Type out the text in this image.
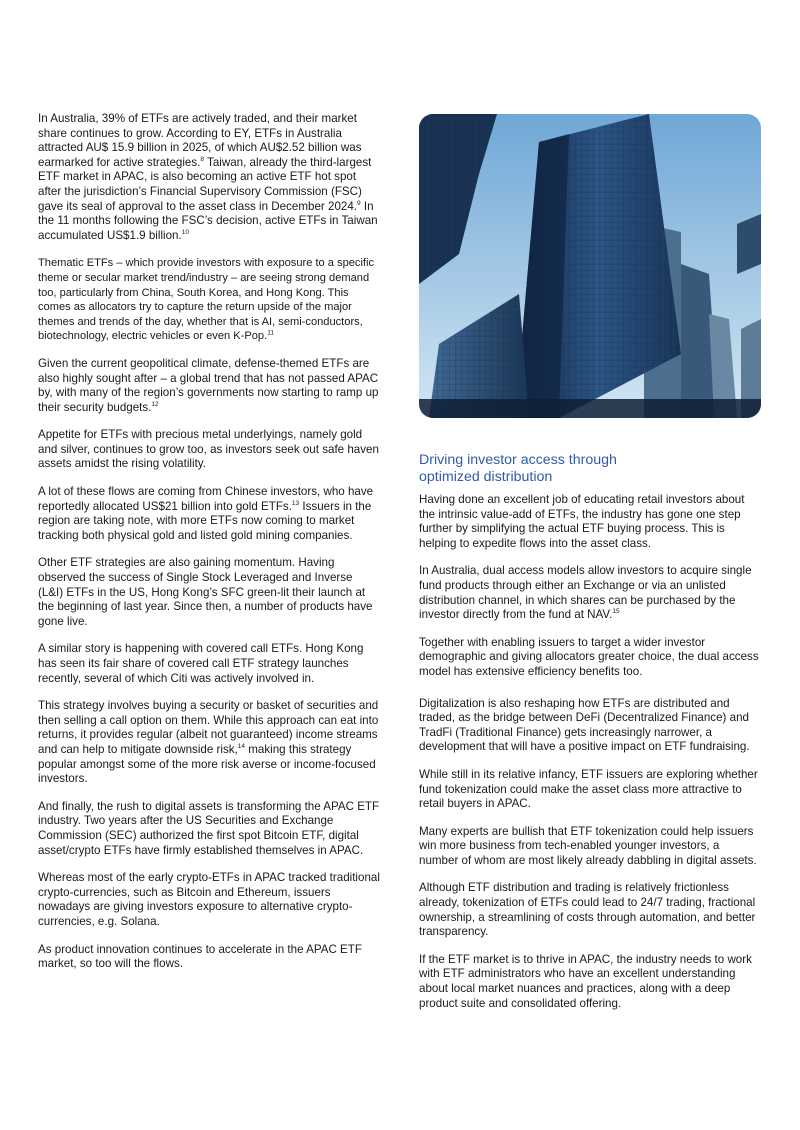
In Australia, 39% of ETFs are actively traded, and their market share continues to grow. According to EY, ETFs in Australia attracted AU$ 15.9 billion in 2025, of which AU$2.52 billion was earmarked for active strategies.$^8$ Taiwan, already the third-largest ETF market in APAC, is also becoming an active ETF hot spot after the jurisdiction’s Financial Supervisory Commission (FSC) gave its seal of approval to the asset class in December 2024.$^9$ In the 11 months following the FSC’s decision, active ETFs in Taiwan accumulated US$1.9 billion.$^{10}$

Thematic ETFs – which provide investors with exposure to a specific theme or secular market trend/industry – are seeing strong demand too, particularly from China, South Korea, and Hong Kong. This comes as allocators try to capture the return upside of the major themes and trends of the day, whether that is AI, semi-conductors, biotechnology, electric vehicles or even K-Pop.$^{11}$

Given the current geopolitical climate, defense-themed ETFs are also highly sought after – a global trend that has not passed APAC by, with many of the region’s governments now starting to ramp up their security budgets.$^{12}$

Appetite for ETFs with precious metal underlyings, namely gold and silver, continues to grow too, as investors seek out safe haven assets amidst the rising volatility.

A lot of these flows are coming from Chinese investors, who have reportedly allocated US$21 billion into gold ETFs.$^{13}$ Issuers in the region are taking note, with more ETFs now coming to market tracking both physical gold and listed gold mining companies.

Other ETF strategies are also gaining momentum. Having observed the success of Single Stock Leveraged and Inverse (L&I) ETFs in the US, Hong Kong’s SFC green-lit their launch at the beginning of last year. Since then, a number of products have gone live.

A similar story is happening with covered call ETFs. Hong Kong has seen its fair share of covered call ETF strategy launches recently, several of which Citi was actively involved in.

This strategy involves buying a security or basket of securities and then selling a call option on them. While this approach can eat into returns, it provides regular (albeit not guaranteed) income streams and can help to mitigate downside risk,$^{14}$ making this strategy popular amongst some of the more risk averse or income-focused investors.

And finally, the rush to digital assets is transforming the APAC ETF industry. Two years after the US Securities and Exchange Commission (SEC) authorized the first spot Bitcoin ETF, digital asset/crypto ETFs have firmly established themselves in APAC.

Whereas most of the early crypto-ETFs in APAC tracked traditional crypto-currencies, such as Bitcoin and Ethereum, issuers nowadays are giving investors exposure to alternative crypto-currencies, e.g. Solana.

As product innovation continues to accelerate in the APAC ETF market, so too will the flows.

Driving investor access through
optimized distribution

Having done an excellent job of educating retail investors about the intrinsic value-add of ETFs, the industry has gone one step further by simplifying the actual ETF buying process. This is helping to expedite flows into the asset class.

In Australia, dual access models allow investors to acquire single fund products through either an Exchange or via an unlisted distribution channel, in which shares can be purchased by the investor directly from the fund at NAV.$^{15}$

Together with enabling issuers to target a wider investor demographic and giving allocators greater choice, the dual access model has extensive efficiency benefits too.

Digitalization is also reshaping how ETFs are distributed and traded, as the bridge between DeFi (Decentralized Finance) and TradFi (Traditional Finance) gets increasingly narrower, a development that will have a positive impact on ETF fundraising.

While still in its relative infancy, ETF issuers are exploring whether fund tokenization could make the asset class more attractive to retail buyers in APAC.

Many experts are bullish that ETF tokenization could help issuers win more business from tech-enabled younger investors, a number of whom are most likely already dabbling in digital assets.

Although ETF distribution and trading is relatively frictionless already, tokenization of ETFs could lead to 24/7 trading, fractional ownership, a streamlining of costs through automation, and better transparency.

If the ETF market is to thrive in APAC, the industry needs to work with ETF administrators who have an excellent understanding about local market nuances and practices, along with a deep product suite and consolidated offering.
